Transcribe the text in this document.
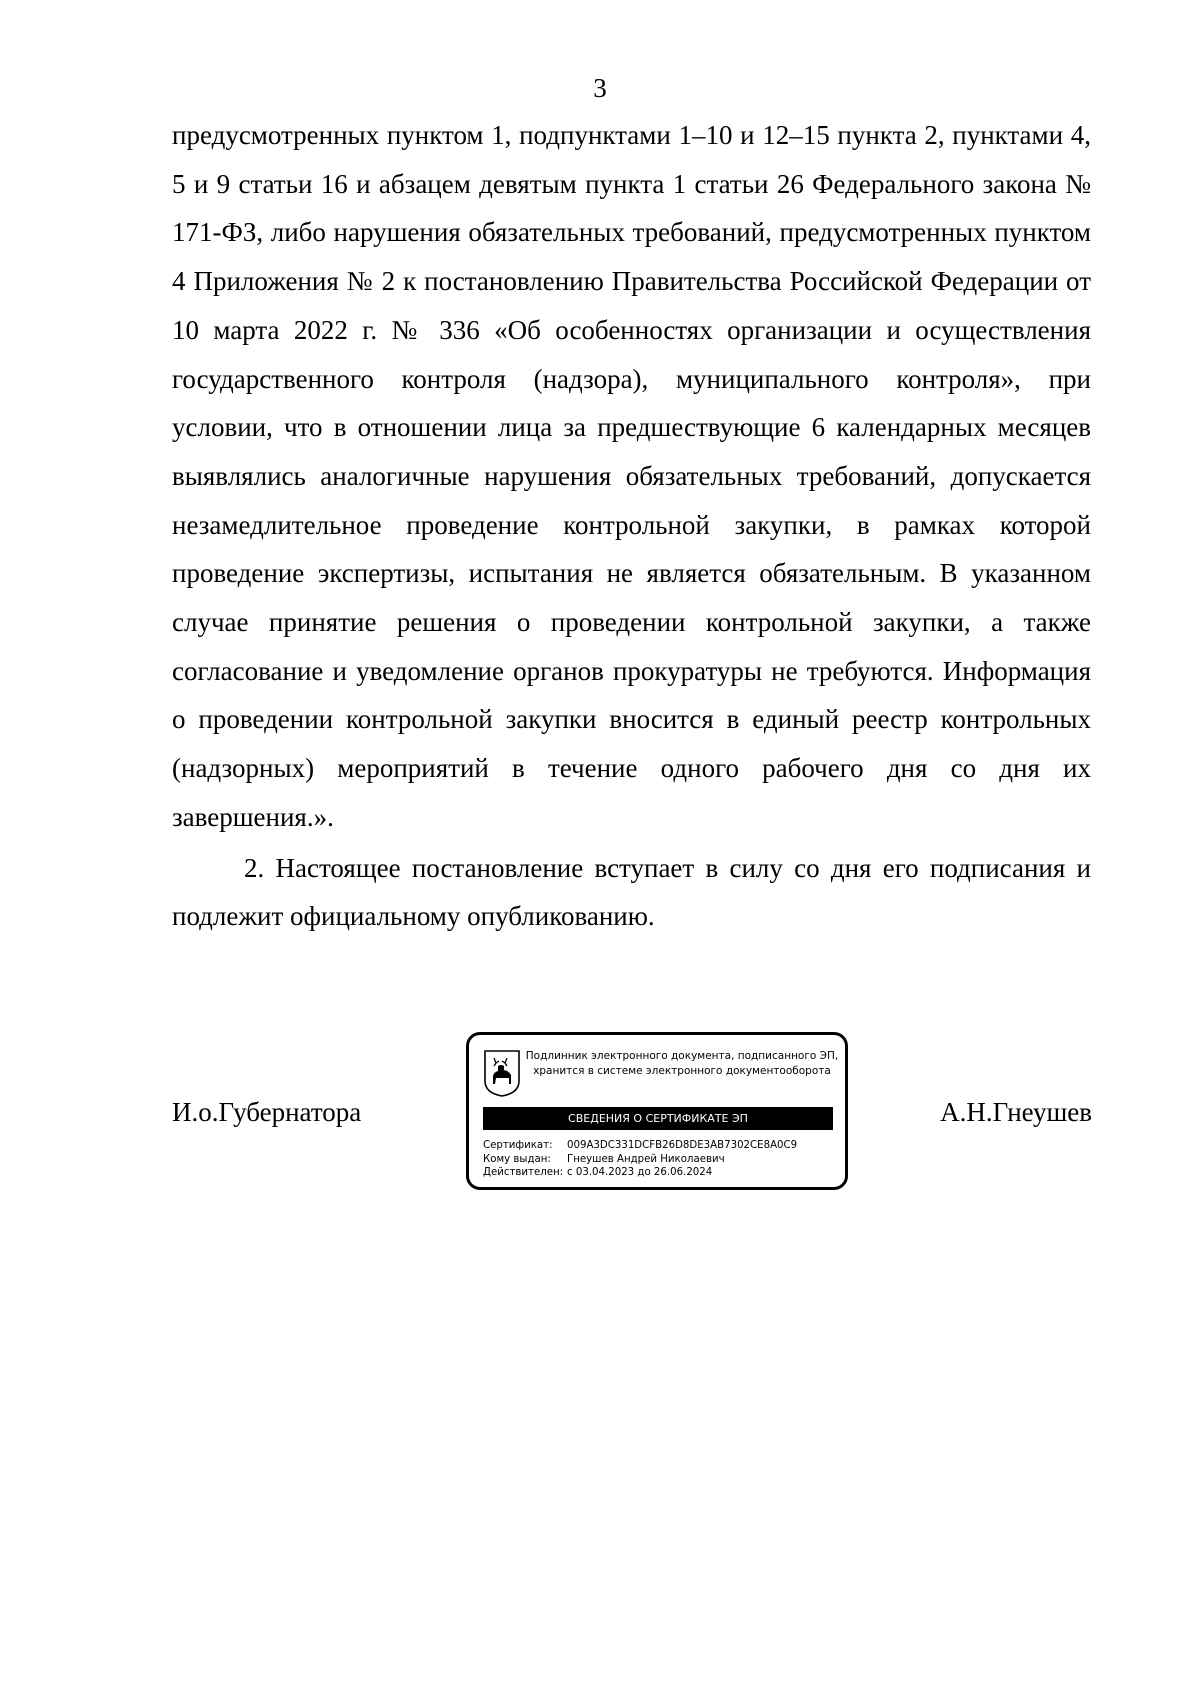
3

предусмотренных пунктом 1, подпунктами 1–10 и 12–15 пункта 2, пунктами 4, 5 и 9 статьи 16 и абзацем девятым пункта 1 статьи 26 Федерального закона № 171-ФЗ, либо нарушения обязательных требований, предусмотренных пунктом 4 Приложения № 2 к постановлению Правительства Российской Федерации от 10 марта 2022 г. № 336 «Об особенностях организации и осуществления государственного контроля (надзора), муниципального контроля», при условии, что в отношении лица за предшествующие 6 календарных месяцев выявлялись аналогичные нарушения обязательных требований, допускается незамедлительное проведение контрольной закупки, в рамках которой проведение экспертизы, испытания не является обязательным. В указанном случае принятие решения о проведении контрольной закупки, а также согласование и уведомление органов прокуратуры не требуются. Информация о проведении контрольной закупки вносится в единый реестр контрольных (надзорных) мероприятий в течение одного рабочего дня со дня их завершения.».

2. Настоящее постановление вступает в силу со дня его подписания и подлежит официальному опубликованию.

И.о.Губернатора
Подлинник электронного документа, подписанного ЭП,
хранится в системе электронного документооборота
СВЕДЕНИЯ О СЕРТИФИКАТЕ ЭП
Сертификат: 009A3DC331DCFB26D8DE3AB7302CE8A0C9
Кому выдан: Гнеушев Андрей Николаевич
Действителен: с 03.04.2023 до 26.06.2024
А.Н.Гнеушев
